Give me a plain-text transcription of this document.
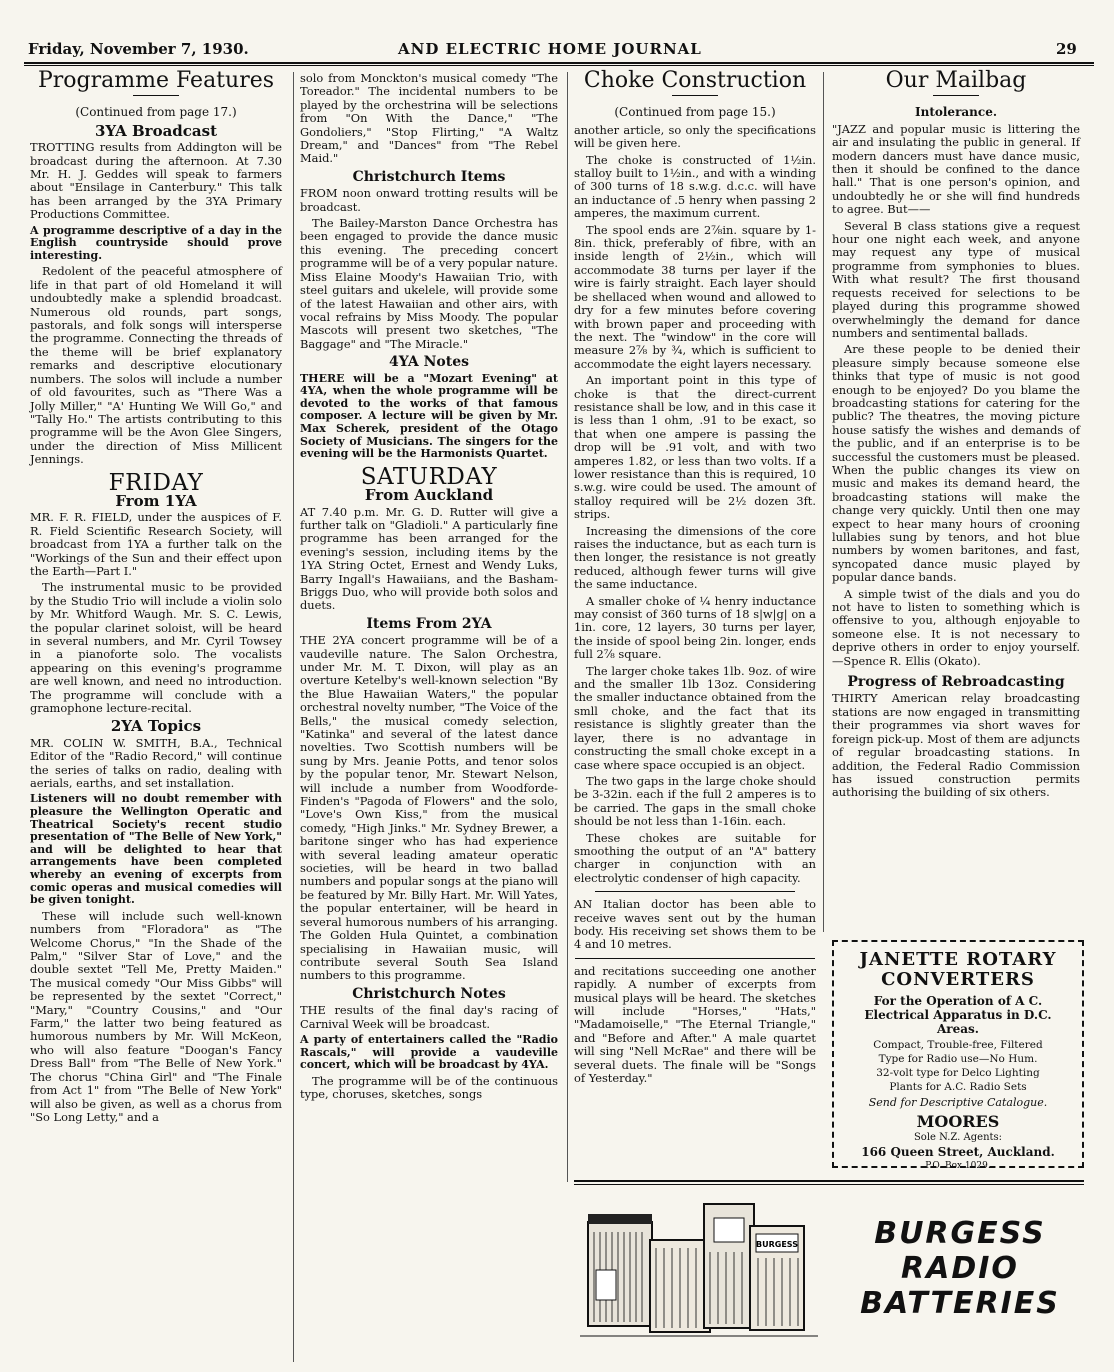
Friday, November 7, 1930.	AND ELECTRIC HOME JOURNAL	29
Programme Features
(Continued from page 17.)
3YA Broadcast

TROTTING results from Addington will be broadcast during the afternoon. At 7.30 Mr. H. J. Geddes will speak to farmers about "Ensilage in Canterbury." This talk has been arranged by the 3YA Primary Productions Committee.

A programme descriptive of a day in the English countryside should prove interesting.

Redolent of the peaceful atmosphere of life in that part of old Homeland it will undoubtedly make a splendid broadcast. Numerous old rounds, part songs, pastorals, and folk songs will intersperse the programme. Connecting the threads of the theme will be brief explanatory remarks and descriptive elocutionary numbers. The solos will include a number of old favourites, such as "There Was a Jolly Miller," "A' Hunting We Will Go," and "Tally Ho." The artists contributing to this programme will be the Avon Glee Singers, under the direction of Miss Millicent Jennings.

FRIDAY
From 1YA

MR. F. R. FIELD, under the auspices of F. R. Field Scientific Research Society, will broadcast from 1YA a further talk on the "Workings of the Sun and their effect upon the Earth—Part I."

The instrumental music to be provided by the Studio Trio will include a violin solo by Mr. Whitford Waugh. Mr. S. C. Lewis, the popular clarinet soloist, will be heard in several numbers, and Mr. Cyril Towsey in a pianoforte solo. The vocalists appearing on this evening's programme are well known, and need no introduction. The programme will conclude with a gramophone lecture-recital.

2YA Topics

MR. COLIN W. SMITH, B.A., Technical Editor of the "Radio Record," will continue the series of talks on radio, dealing with aerials, earths, and set installation.

Listeners will no doubt remember with pleasure the Wellington Operatic and Theatrical Society's recent studio presentation of "The Belle of New York," and will be delighted to hear that arrangements have been completed whereby an evening of excerpts from comic operas and musical comedies will be given tonight.

These will include such well-known numbers from "Floradora" as "The Welcome Chorus," "In the Shade of the Palm," "Silver Star of Love," and the double sextet "Tell Me, Pretty Maiden." The musical comedy "Our Miss Gibbs" will be represented by the sextet "Correct," "Mary," "Country Cousins," and "Our Farm," the latter two being featured as humorous numbers by Mr. Will McKeon, who will also feature "Doogan's Fancy Dress Ball" from "The Belle of New York." The chorus "China Girl" and "The Finale from Act 1" from "The Belle of New York" will also be given, as well as a chorus from "So Long Letty," and a

solo from Monckton's musical comedy "The Toreador." The incidental numbers to be played by the orchestrina will be selections from "On With the Dance," "The Gondoliers," "Stop Flirting," "A Waltz Dream," and "Dances" from "The Rebel Maid."

Christchurch Items

FROM noon onward trotting results will be broadcast.

The Bailey-Marston Dance Orchestra has been engaged to provide the dance music this evening. The preceding concert programme will be of a very popular nature. Miss Elaine Moody's Hawaiian Trio, with steel guitars and ukelele, will provide some of the latest Hawaiian and other airs, with vocal refrains by Miss Moody. The popular Mascots will present two sketches, "The Baggage" and "The Miracle."

4YA Notes

THERE will be a "Mozart Evening" at 4YA, when the whole programme will be devoted to the works of that famous composer. A lecture will be given by Mr. Max Scherek, president of the Otago Society of Musicians. The singers for the evening will be the Harmonists Quartet.

SATURDAY
From Auckland

AT 7.40 p.m. Mr. G. D. Rutter will give a further talk on "Gladioli." A particularly fine programme has been arranged for the evening's session, including items by the 1YA String Octet, Ernest and Wendy Luks, Barry Ingall's Hawaiians, and the Basham-Briggs Duo, who will provide both solos and duets.

Items From 2YA

THE 2YA concert programme will be of a vaudeville nature. The Salon Orchestra, under Mr. M. T. Dixon, will play as an overture Ketelby's well-known selection "By the Blue Hawaiian Waters," the popular orchestral novelty number, "The Voice of the Bells," the musical comedy selection, "Katinka" and several of the latest dance novelties. Two Scottish numbers will be sung by Mrs. Jeanie Potts, and tenor solos by the popular tenor, Mr. Stewart Nelson, will include a number from Woodforde-Finden's "Pagoda of Flowers" and the solo, "Love's Own Kiss," from the musical comedy, "High Jinks." Mr. Sydney Brewer, a baritone singer who has had experience with several leading amateur operatic societies, will be heard in two ballad numbers and popular songs at the piano will be featured by Mr. Billy Hart. Mr. Will Yates, the popular entertainer, will be heard in several humorous numbers of his arranging. The Golden Hula Quintet, a combination specialising in Hawaiian music, will contribute several South Sea Island numbers to this programme.

Christchurch Notes

THE results of the final day's racing of Carnival Week will be broadcast.

A party of entertainers called the "Radio Rascals," will provide a vaudeville concert, which will be broadcast by 4YA.

The programme will be of the continuous type, choruses, sketches, songs

Choke Construction
(Continued from page 15.)

another article, so only the specifications will be given here.

The choke is constructed of 1½in. stalloy built to 1½in., and with a winding of 300 turns of 18 s.w.g. d.c.c. will have an inductance of .5 henry when passing 2 amperes, the maximum current.

The spool ends are 2⅞in. square by 1-8in. thick, preferably of fibre, with an inside length of 2½in., which will accommodate 38 turns per layer if the wire is fairly straight. Each layer should be shellaced when wound and allowed to dry for a few minutes before covering with brown paper and proceeding with the next. The "window" in the core will measure 2⅞ by ¾, which is sufficient to accommodate the eight layers necessary.

An important point in this type of choke is that the direct-current resistance shall be low, and in this case it is less than 1 ohm, .91 to be exact, so that when one ampere is passing the drop will be .91 volt, and with two amperes 1.82, or less than two volts. If a lower resistance than this is required, 10 s.w.g. wire could be used. The amount of stalloy required will be 2½ dozen 3ft. strips.

Increasing the dimensions of the core raises the inductance, but as each turn is then longer, the resistance is not greatly reduced, although fewer turns will give the same inductance.

A smaller choke of ¼ henry inductance may consist of 360 turns of 18 s|w|g| on a 1in. core, 12 layers, 30 turns per layer, the inside of spool being 2in. longer, ends full 2⅞ square.

The larger choke takes 1lb. 9oz. of wire and the smaller 1lb 13oz. Considering the smaller inductance obtained from the smll choke, and the fact that its resistance is slightly greater than the layer, there is no advantage in constructing the small choke except in a case where space occupied is an object.

The two gaps in the large choke should be 3-32in. each if the full 2 amperes is to be carried. The gaps in the small choke should be not less than 1-16in. each.

These chokes are suitable for smoothing the output of an "A" battery charger in conjunction with an electrolytic condenser of high capacity.

AN Italian doctor has been able to receive waves sent out by the human body. His receiving set shows them to be 4 and 10 metres.

and recitations succeeding one another rapidly. A number of excerpts from musical plays will be heard. The sketches will include "Horses," "Hats," "Madamoiselle," "The Eternal Triangle," and "Before and After." A male quartet will sing "Nell McRae" and there will be several duets. The finale will be "Songs of Yesterday."

Our Mailbag
Intolerance.

"JAZZ and popular music is littering the air and insulating the public in general. If modern dancers must have dance music, then it should be confined to the dance hall." That is one person's opinion, and undoubtedly he or she will find hundreds to agree. But——

Several B class stations give a request hour one night each week, and anyone may request any type of musical programme from symphonies to blues. With what result? The first thousand requests received for selections to be played during this programme showed overwhelmingly the demand for dance numbers and sentimental ballads.

Are these people to be denied their pleasure simply because someone else thinks that type of music is not good enough to be enjoyed? Do you blame the broadcasting stations for catering for the public? The theatres, the moving picture house satisfy the wishes and demands of the public, and if an enterprise is to be successful the customers must be pleased. When the public changes its view on music and makes its demand heard, the broadcasting stations will make the change very quickly. Until then one may expect to hear many hours of crooning lullabies sung by tenors, and hot blue numbers by women baritones, and fast, syncopated dance music played by popular dance bands.

A simple twist of the dials and you do not have to listen to something which is offensive to you, although enjoyable to someone else. It is not necessary to deprive others in order to enjoy yourself.—Spence R. Ellis (Okato).

Progress of Rebroadcasting

THIRTY American relay broadcasting stations are now engaged in transmitting their programmes via short waves for foreign pick-up. Most of them are adjuncts of regular broadcasting stations. In addition, the Federal Radio Commission has issued construction permits authorising the building of six others.

JANETTE ROTARY
CONVERTERS
For the Operation of A C.
Electrical Apparatus in D.C.
Areas.
Compact, Trouble-free, Filtered
Type for Radio use—No Hum.
32-volt type for Delco Lighting
Plants for A.C. Radio Sets
Send for Descriptive Catalogue.
MOORES
Sole N.Z. Agents:
166 Queen Street, Auckland.
P.O. Box 1029.
BURGESS	BURGESS
RADIO
BATTERIES
